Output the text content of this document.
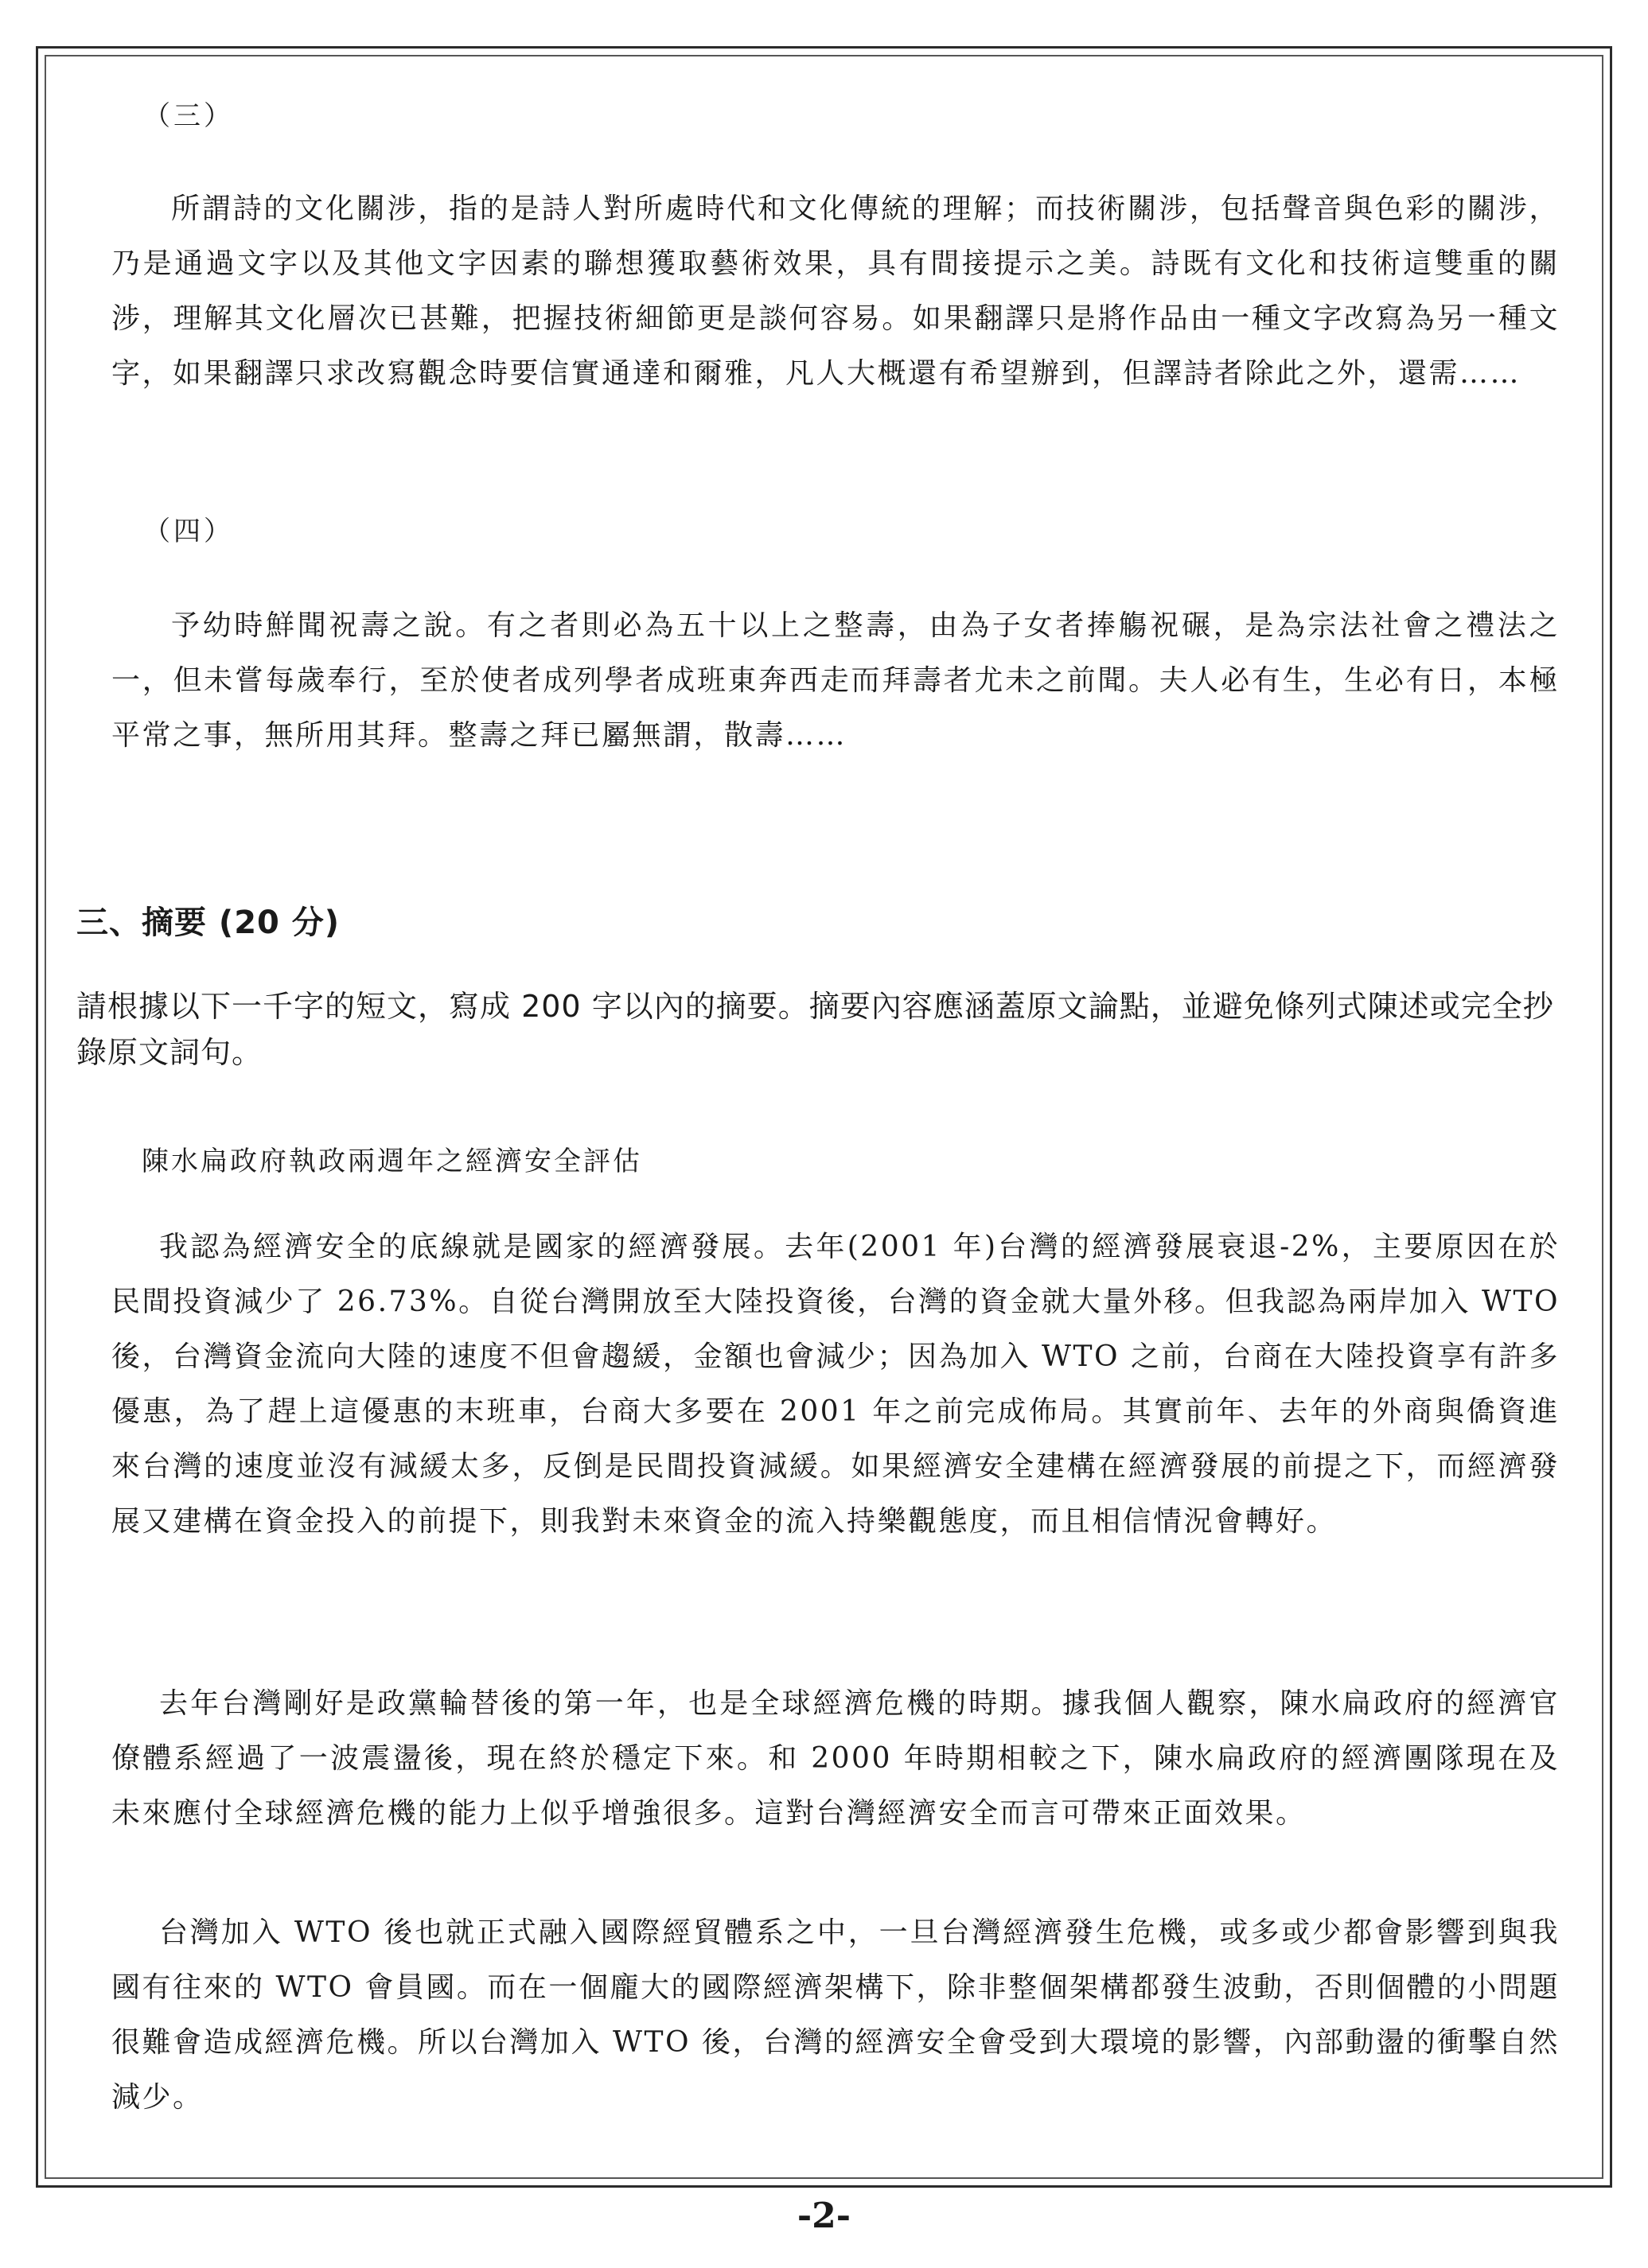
（三）
所謂詩的文化關涉，指的是詩人對所處時代和文化傳統的理解；而技術關涉，包括聲音與色彩的關涉，乃是通過文字以及其他文字因素的聯想獲取藝術效果，具有間接提示之美。詩既有文化和技術這雙重的關涉，理解其文化層次已甚難，把握技術細節更是談何容易。如果翻譯只是將作品由一種文字改寫為另一種文字，如果翻譯只求改寫觀念時要信實通達和爾雅，凡人大概還有希望辦到，但譯詩者除此之外，還需……
（四）
予幼時鮮聞祝壽之說。有之者則必為五十以上之整壽，由為子女者捧觴祝碾，是為宗法社會之禮法之一，但未嘗每歲奉行，至於使者成列學者成班東奔西走而拜壽者尤未之前聞。夫人必有生，生必有日，本極平常之事，無所用其拜。整壽之拜已屬無謂，散壽……
三、摘要 (20 分)
請根據以下一千字的短文，寫成 200 字以內的摘要。摘要內容應涵蓋原文論點，並避免條列式陳述或完全抄錄原文詞句。
陳水扁政府執政兩週年之經濟安全評估
我認為經濟安全的底線就是國家的經濟發展。去年(2001 年)台灣的經濟發展衰退-2%，主要原因在於民間投資減少了 26.73%。自從台灣開放至大陸投資後，台灣的資金就大量外移。但我認為兩岸加入 WTO 後，台灣資金流向大陸的速度不但會趨緩，金額也會減少；因為加入 WTO 之前，台商在大陸投資享有許多優惠，為了趕上這優惠的末班車，台商大多要在 2001 年之前完成佈局。其實前年、去年的外商與僑資進來台灣的速度並沒有減緩太多，反倒是民間投資減緩。如果經濟安全建構在經濟發展的前提之下，而經濟發展又建構在資金投入的前提下，則我對未來資金的流入持樂觀態度，而且相信情況會轉好。
去年台灣剛好是政黨輪替後的第一年，也是全球經濟危機的時期。據我個人觀察，陳水扁政府的經濟官僚體系經過了一波震盪後，現在終於穩定下來。和 2000 年時期相較之下，陳水扁政府的經濟團隊現在及未來應付全球經濟危機的能力上似乎增強很多。這對台灣經濟安全而言可帶來正面效果。
台灣加入 WTO 後也就正式融入國際經貿體系之中，一旦台灣經濟發生危機，或多或少都會影響到與我國有往來的 WTO 會員國。而在一個龐大的國際經濟架構下，除非整個架構都發生波動，否則個體的小問題很難會造成經濟危機。所以台灣加入 WTO 後，台灣的經濟安全會受到大環境的影響，內部動盪的衝擊自然減少。
-2-
